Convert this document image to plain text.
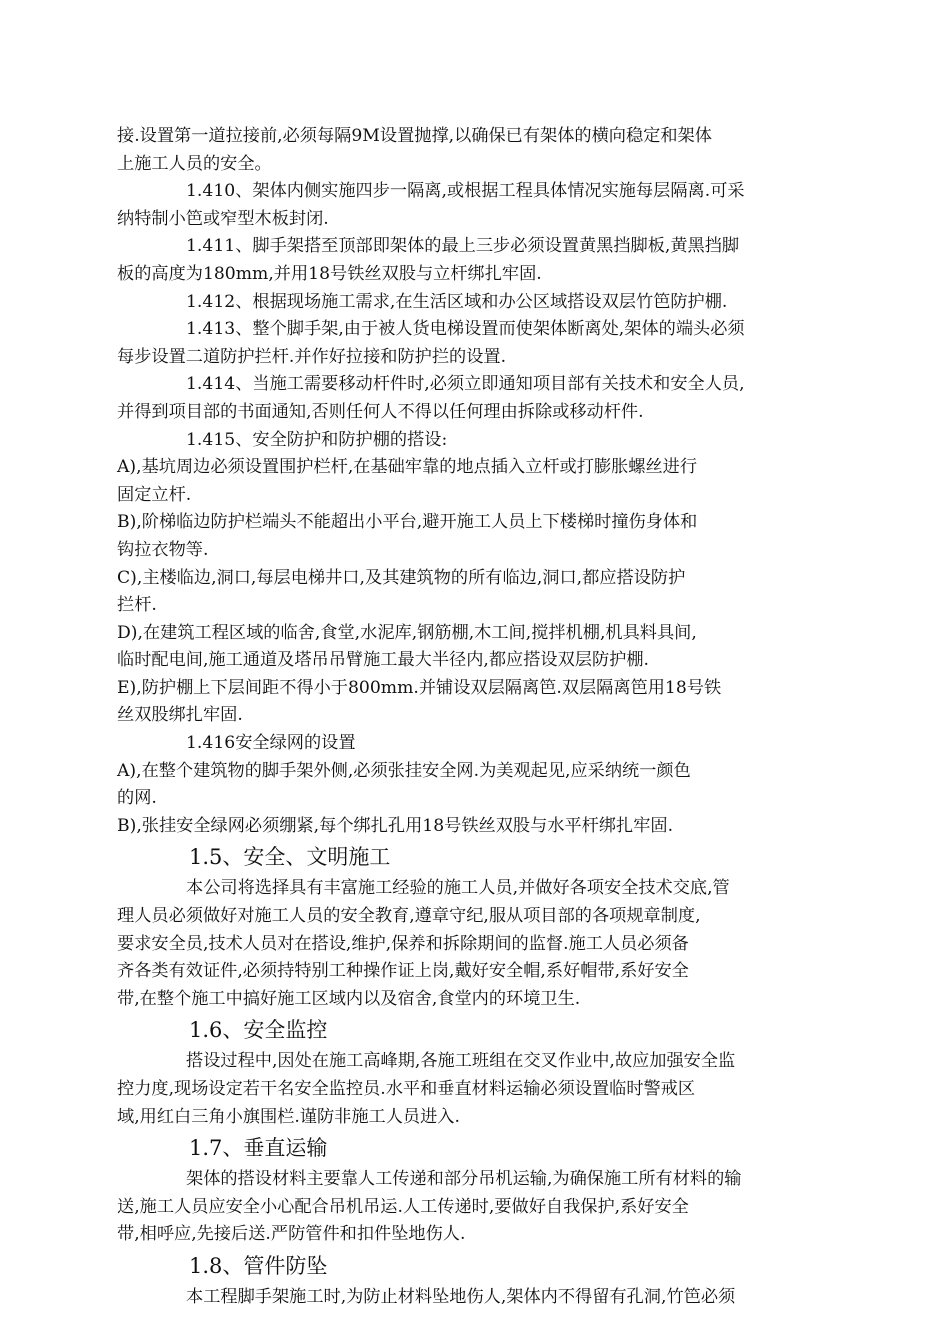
接.设置第一道拉接前,必须每隔9M设置抛撑,以确保已有架体的横向稳定和架体
上施工人员的安全。
1.410、架体内侧实施四步一隔离,或根据工程具体情况实施每层隔离.可采
纳特制小笆或窄型木板封闭.
1.411、脚手架搭至顶部即架体的最上三步必须设置黄黑挡脚板,黄黑挡脚
板的高度为180mm,并用18号铁丝双股与立杆绑扎牢固.
1.412、根据现场施工需求,在生活区域和办公区域搭设双层竹笆防护棚.
1.413、整个脚手架,由于被人货电梯设置而使架体断离处,架体的端头必须
每步设置二道防护拦杆.并作好拉接和防护拦的设置.
1.414、当施工需要移动杆件时,必须立即通知项目部有关技术和安全人员,
并得到项目部的书面通知,否则任何人不得以任何理由拆除或移动杆件.
1.415、安全防护和防护棚的搭设:
A),基坑周边必须设置围护栏杆,在基础牢靠的地点插入立杆或打膨胀螺丝进行
固定立杆.
B),阶梯临边防护栏端头不能超出小平台,避开施工人员上下楼梯时撞伤身体和
钩拉衣物等.
C),主楼临边,洞口,每层电梯井口,及其建筑物的所有临边,洞口,都应搭设防护
拦杆.
D),在建筑工程区域的临舍,食堂,水泥库,钢筋棚,木工间,搅拌机棚,机具料具间,
临时配电间,施工通道及塔吊吊臂施工最大半径内,都应搭设双层防护棚.
E),防护棚上下层间距不得小于800mm.并铺设双层隔离笆.双层隔离笆用18号铁
丝双股绑扎牢固.
1.416安全绿网的设置
A),在整个建筑物的脚手架外侧,必须张挂安全网.为美观起见,应采纳统一颜色
的网.
B),张挂安全绿网必须绷紧,每个绑扎孔用18号铁丝双股与水平杆绑扎牢固.
1.5、安全、文明施工
本公司将选择具有丰富施工经验的施工人员,并做好各项安全技术交底,管
理人员必须做好对施工人员的安全教育,遵章守纪,服从项目部的各项规章制度,
要求安全员,技术人员对在搭设,维护,保养和拆除期间的监督.施工人员必须备
齐各类有效证件,必须持特别工种操作证上岗,戴好安全帽,系好帽带,系好安全
带,在整个施工中搞好施工区域内以及宿舍,食堂内的环境卫生.
1.6、安全监控
搭设过程中,因处在施工高峰期,各施工班组在交叉作业中,故应加强安全监
控力度,现场设定若干名安全监控员.水平和垂直材料运输必须设置临时警戒区
域,用红白三角小旗围栏.谨防非施工人员进入.
1.7、垂直运输
架体的搭设材料主要靠人工传递和部分吊机运输,为确保施工所有材料的输
送,施工人员应安全小心配合吊机吊运.人工传递时,要做好自我保护,系好安全
带,相呼应,先接后送.严防管件和扣件坠地伤人.
1.8、管件防坠
本工程脚手架施工时,为防止材料坠地伤人,架体内不得留有孔洞,竹笆必须
